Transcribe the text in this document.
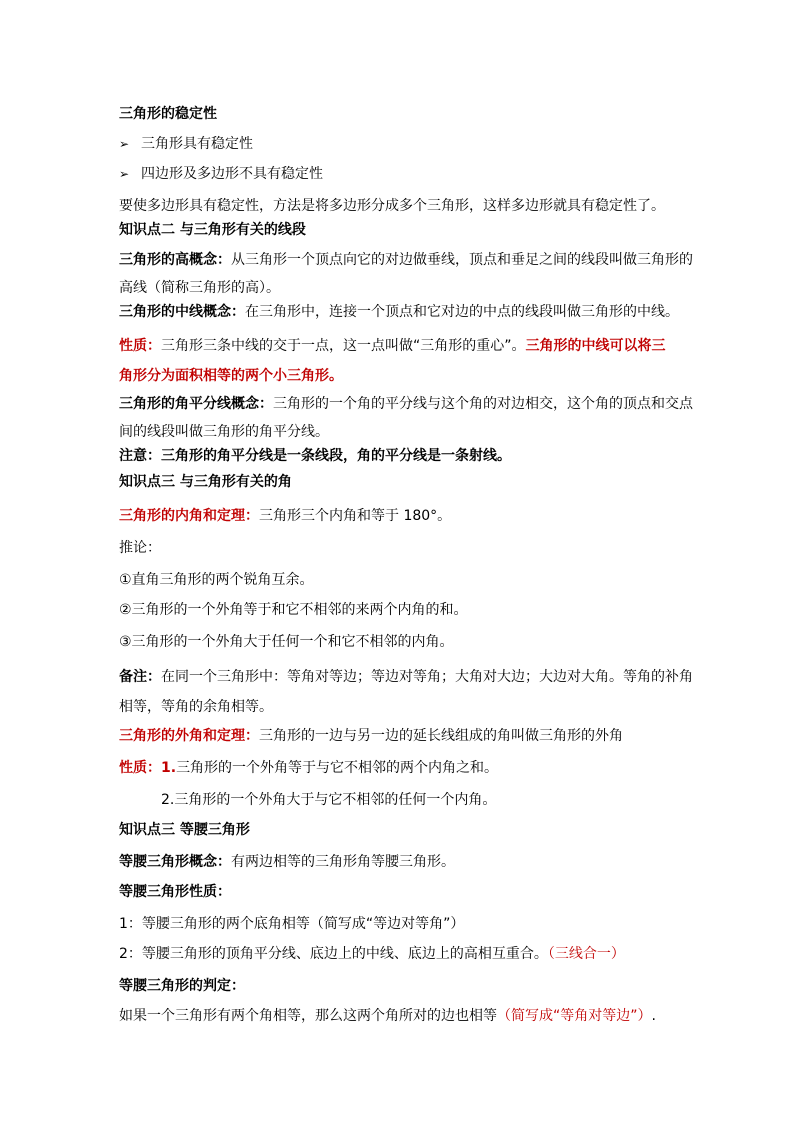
三角形的稳定性
➢ 三角形具有稳定性
➢ 四边形及多边形不具有稳定性
要使多边形具有稳定性，方法是将多边形分成多个三角形，这样多边形就具有稳定性了。
知识点二 与三角形有关的线段
三角形的高概念：从三角形一个顶点向它的对边做垂线，顶点和垂足之间的线段叫做三角形的高线（简称三角形的高）。
三角形的中线概念：在三角形中，连接一个顶点和它对边的中点的线段叫做三角形的中线。
性质：三角形三条中线的交于一点，这一点叫做“三角形的重心”。三角形的中线可以将三
角形分为面积相等的两个小三角形。
三角形的角平分线概念：三角形的一个角的平分线与这个角的对边相交，这个角的顶点和交点间的线段叫做三角形的角平分线。
注意：三角形的角平分线是一条线段，角的平分线是一条射线。
知识点三 与三角形有关的角
三角形的内角和定理：三角形三个内角和等于 180°。
推论：
①直角三角形的两个锐角互余。
②三角形的一个外角等于和它不相邻的来两个内角的和。
③三角形的一个外角大于任何一个和它不相邻的内角。
备注：在同一个三角形中：等角对等边；等边对等角；大角对大边；大边对大角。等角的补角相等，等角的余角相等。
三角形的外角和定理：三角形的一边与另一边的延长线组成的角叫做三角形的外角
性质：1.三角形的一个外角等于与它不相邻的两个内角之和。
2.三角形的一个外角大于与它不相邻的任何一个内角。
知识点三 等腰三角形
等腰三角形概念：有两边相等的三角形角等腰三角形。
等腰三角形性质：
1：等腰三角形的两个底角相等（简写成“等边对等角”）
2：等腰三角形的顶角平分线、底边上的中线、底边上的高相互重合。（三线合一）
等腰三角形的判定：
如果一个三角形有两个角相等，那么这两个角所对的边也相等（简写成“等角对等边”）.
